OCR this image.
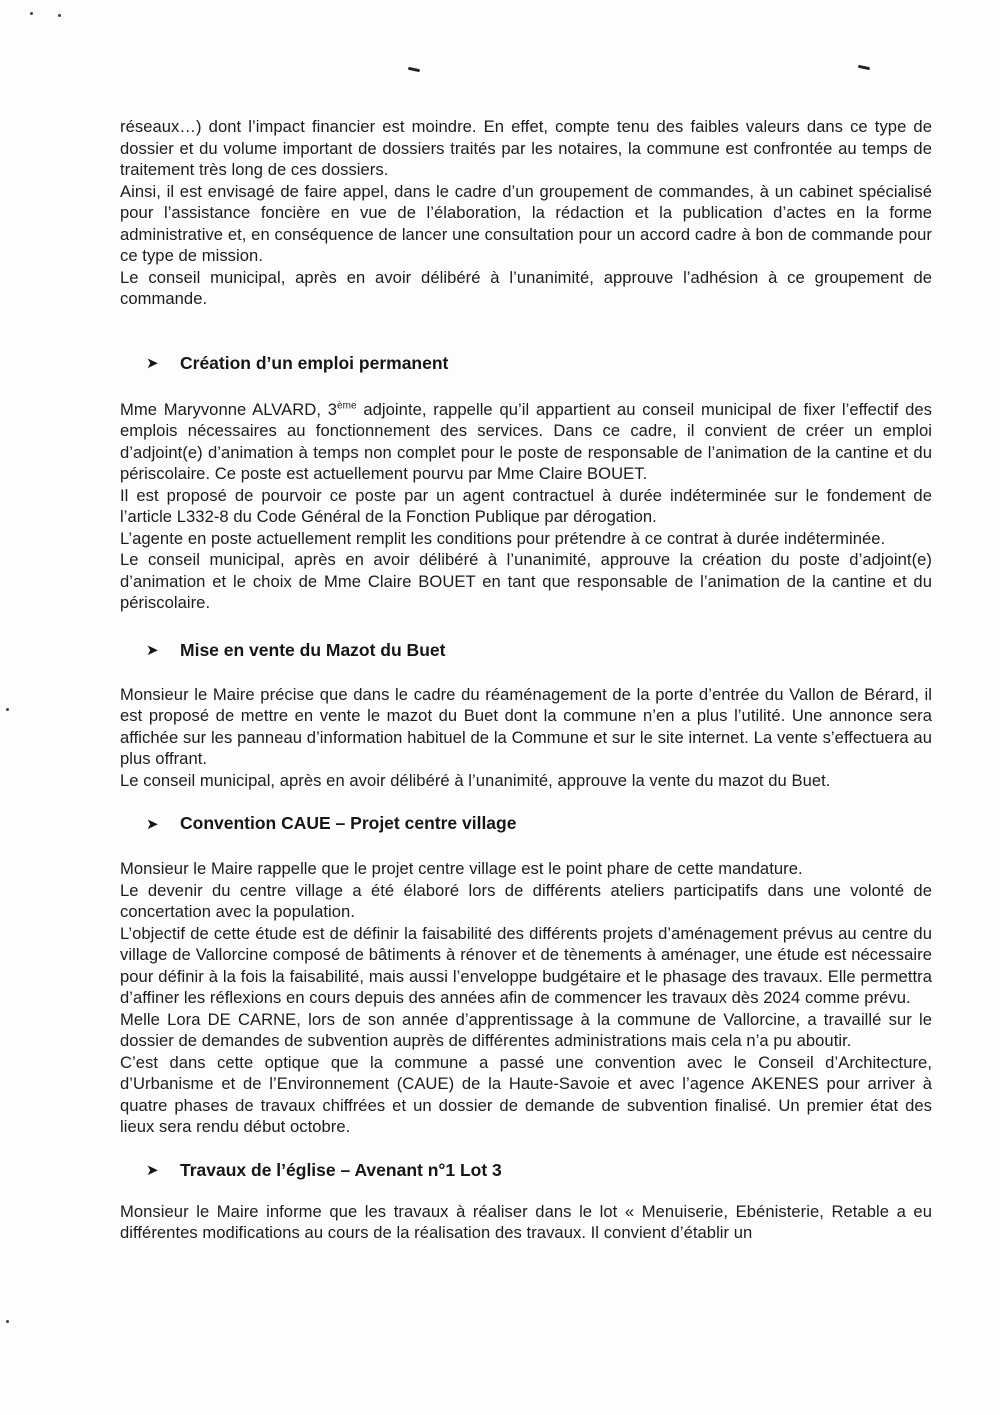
réseaux…) dont l’impact financier est moindre. En effet, compte tenu des faibles valeurs dans ce type de dossier et du volume important de dossiers traités par les notaires, la commune est confrontée au temps de traitement très long de ces dossiers.

Ainsi, il est envisagé de faire appel, dans le cadre d’un groupement de commandes, à un cabinet spécialisé pour l’assistance foncière en vue de l’élaboration, la rédaction et la publication d’actes en la forme administrative et, en conséquence de lancer une consultation pour un accord cadre à bon de commande pour ce type de mission.

Le conseil municipal, après en avoir délibéré à l’unanimité, approuve l’adhésion à ce groupement de commande.

➤	Création d’un emploi permanent

Mme Maryvonne ALVARD, 3ème adjointe, rappelle qu’il appartient au conseil municipal de fixer l’effectif des emplois nécessaires au fonctionnement des services. Dans ce cadre, il convient de créer un emploi d’adjoint(e) d’animation à temps non complet pour le poste de responsable de l’animation de la cantine et du périscolaire. Ce poste est actuellement pourvu par Mme Claire BOUET.

Il est proposé de pourvoir ce poste par un agent contractuel à durée indéterminée sur le fondement de l’article L332-8 du Code Général de la Fonction Publique par dérogation.

L’agente en poste actuellement remplit les conditions pour prétendre à ce contrat à durée indéterminée.

Le conseil municipal, après en avoir délibéré à l’unanimité, approuve la création du poste d’adjoint(e) d’animation et le choix de Mme Claire BOUET en tant que responsable de l’animation de la cantine et du périscolaire.

➤	Mise en vente du Mazot du Buet

Monsieur le Maire précise que dans le cadre du réaménagement de la porte d’entrée du Vallon de Bérard, il est proposé de mettre en vente le mazot du Buet dont la commune n’en a plus l’utilité. Une annonce sera affichée sur les panneau d’information habituel de la Commune et sur le site internet. La vente s’effectuera au plus offrant.

Le conseil municipal, après en avoir délibéré à l’unanimité, approuve la vente du mazot du Buet.

➤	Convention CAUE – Projet centre village

Monsieur le Maire rappelle que le projet centre village est le point phare de cette mandature.

Le devenir du centre village a été élaboré lors de différents ateliers participatifs dans une volonté de concertation avec la population.

L’objectif de cette étude est de définir la faisabilité des différents projets d’aménagement prévus au centre du village de Vallorcine composé de bâtiments à rénover et de tènements à aménager, une étude est nécessaire pour définir à la fois la faisabilité, mais aussi l’enveloppe budgétaire et le phasage des travaux. Elle permettra d’affiner les réflexions en cours depuis des années afin de commencer les travaux dès 2024 comme prévu.

Melle Lora DE CARNE, lors de son année d’apprentissage à la commune de Vallorcine, a travaillé sur le dossier de demandes de subvention auprès de différentes administrations mais cela n’a pu aboutir.

C’est dans cette optique que la commune a passé une convention avec le Conseil d’Architecture, d’Urbanisme et de l’Environnement (CAUE) de la Haute-Savoie et avec l’agence AKENES pour arriver à quatre phases de travaux chiffrées et un dossier de demande de subvention finalisé. Un premier état des lieux sera rendu début octobre.

➤	Travaux de l’église – Avenant n°1 Lot 3

Monsieur le Maire informe que les travaux à réaliser dans le lot « Menuiserie, Ebénisterie, Retable a eu différentes modifications au cours de la réalisation des travaux. Il convient d’établir un
